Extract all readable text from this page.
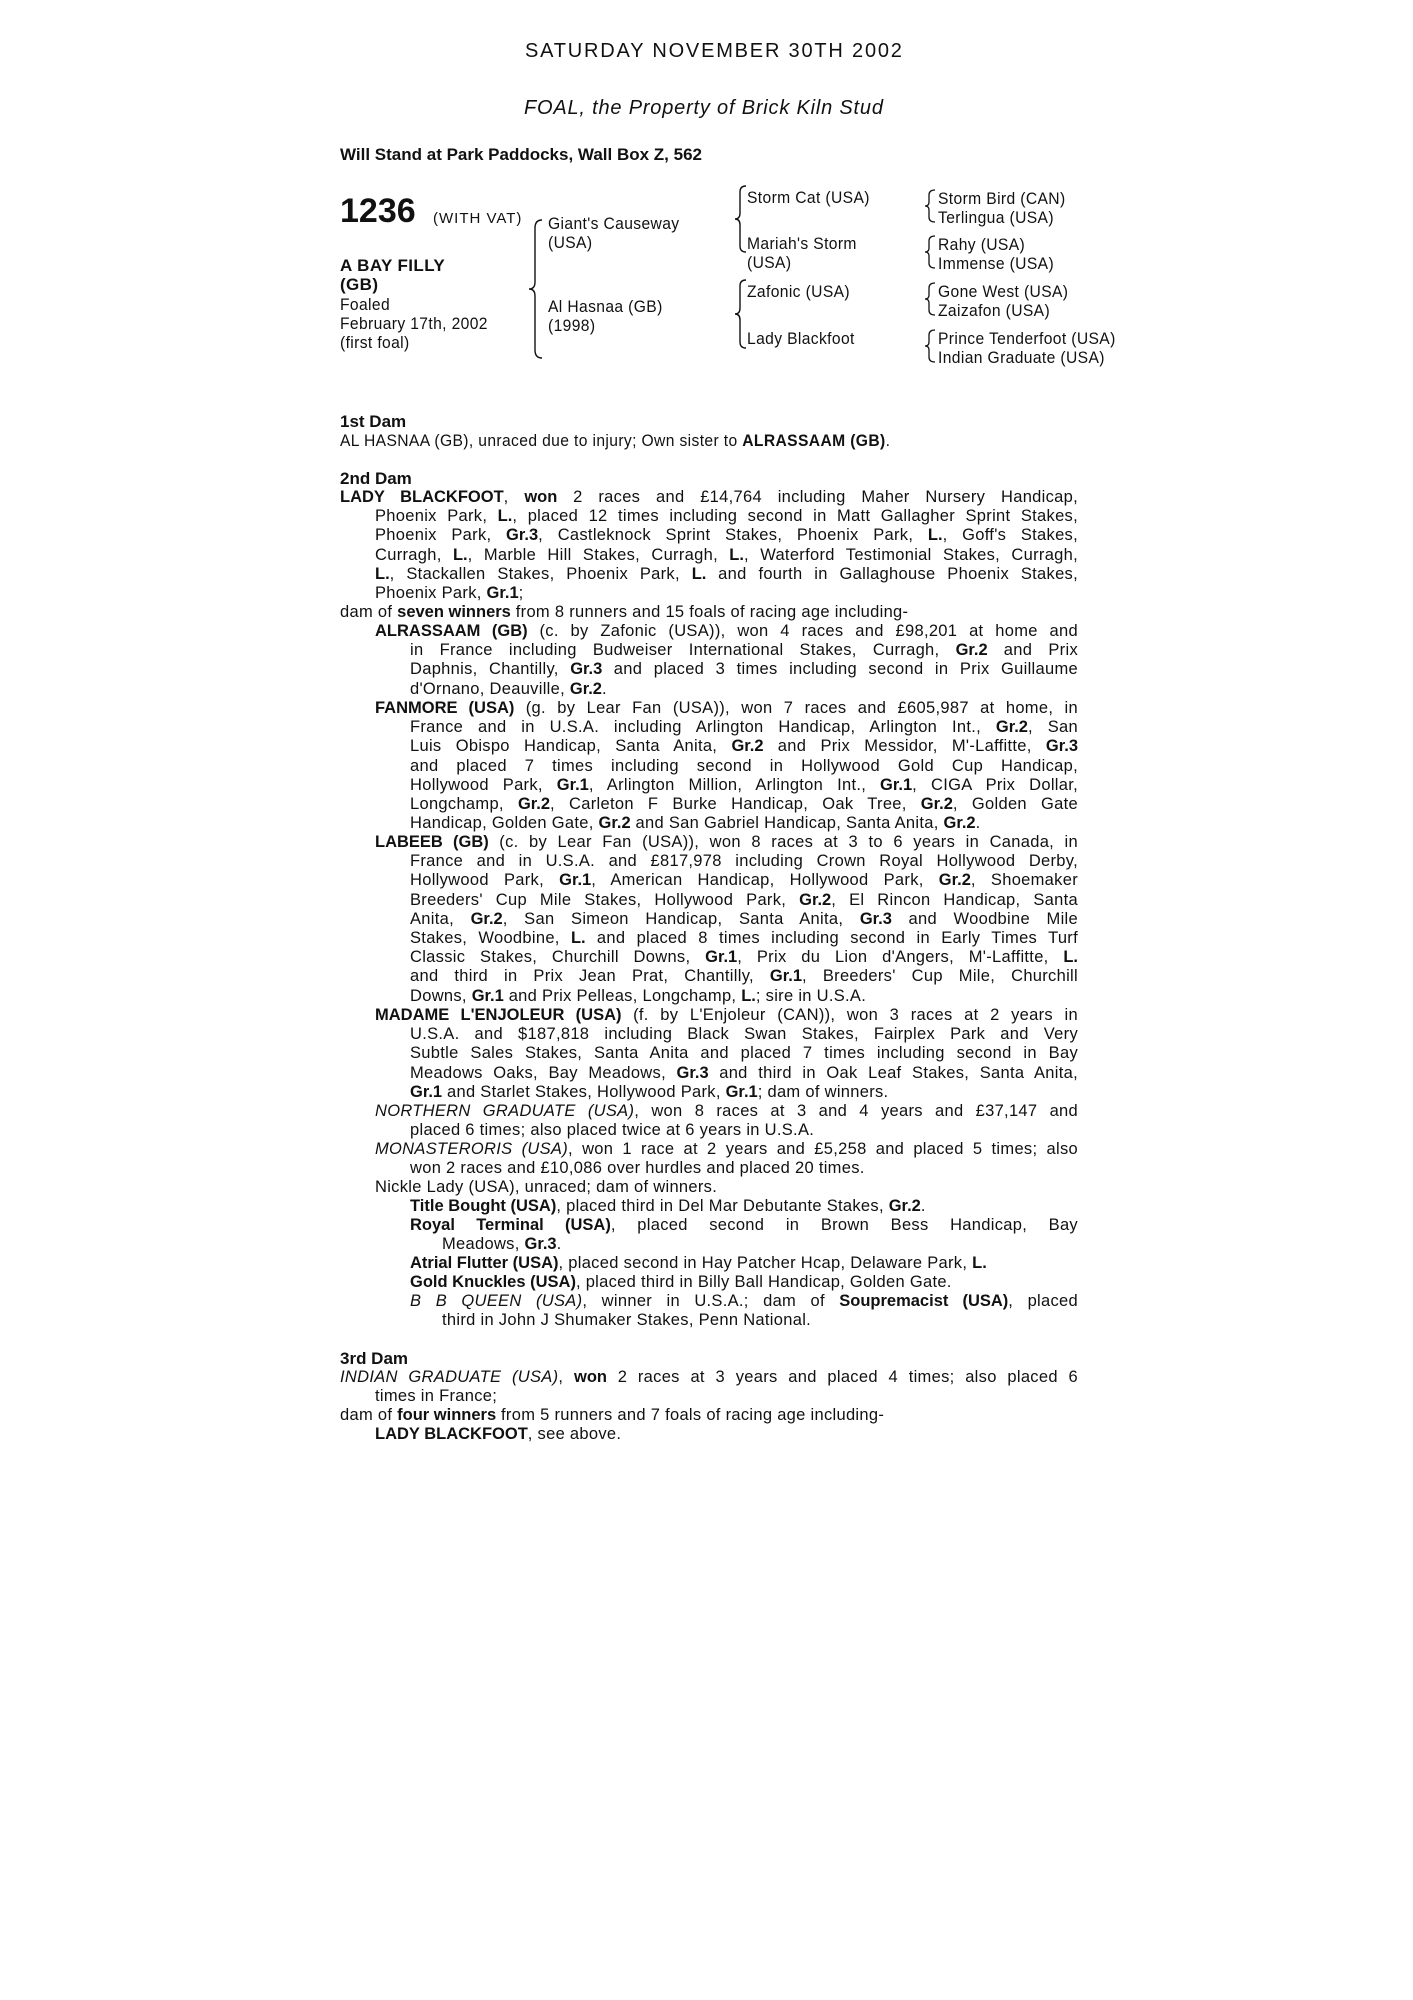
SATURDAY NOVEMBER 30TH 2002
FOAL, the Property of Brick Kiln Stud
Will Stand at Park Paddocks, Wall Box Z, 562
1236 (WITH VAT)
A BAY FILLY
(GB)
Foaled
February 17th, 2002
(first foal)
Giant's Causeway
(USA)
Al Hasnaa (GB)
(1998)
Storm Cat (USA)
Mariah's Storm
(USA)
Zafonic (USA)
Lady Blackfoot
Storm Bird (CAN)
Terlingua (USA)
Rahy (USA)
Immense (USA)
Gone West (USA)
Zaizafon (USA)
Prince Tenderfoot (USA)
Indian Graduate (USA)
1st Dam
AL HASNAA (GB), unraced due to injury; Own sister to ALRASSAAM (GB).
2nd Dam
LADY BLACKFOOT, won 2 races and £14,764 including Maher Nursery Handicap,
Phoenix Park, L., placed 12 times including second in Matt Gallagher Sprint Stakes,
Phoenix Park, Gr.3, Castleknock Sprint Stakes, Phoenix Park, L., Goff's Stakes,
Curragh, L., Marble Hill Stakes, Curragh, L., Waterford Testimonial Stakes, Curragh,
L., Stackallen Stakes, Phoenix Park, L. and fourth in Gallaghouse Phoenix Stakes,
Phoenix Park, Gr.1;
dam of seven winners from 8 runners and 15 foals of racing age including-
ALRASSAAM (GB) (c. by Zafonic (USA)), won 4 races and £98,201 at home and
in France including Budweiser International Stakes, Curragh, Gr.2 and Prix
Daphnis, Chantilly, Gr.3 and placed 3 times including second in Prix Guillaume
d'Ornano, Deauville, Gr.2.
FANMORE (USA) (g. by Lear Fan (USA)), won 7 races and £605,987 at home, in
France and in U.S.A. including Arlington Handicap, Arlington Int., Gr.2, San
Luis Obispo Handicap, Santa Anita, Gr.2 and Prix Messidor, M'-Laffitte, Gr.3
and placed 7 times including second in Hollywood Gold Cup Handicap,
Hollywood Park, Gr.1, Arlington Million, Arlington Int., Gr.1, CIGA Prix Dollar,
Longchamp, Gr.2, Carleton F Burke Handicap, Oak Tree, Gr.2, Golden Gate
Handicap, Golden Gate, Gr.2 and San Gabriel Handicap, Santa Anita, Gr.2.
LABEEB (GB) (c. by Lear Fan (USA)), won 8 races at 3 to 6 years in Canada, in
France and in U.S.A. and £817,978 including Crown Royal Hollywood Derby,
Hollywood Park, Gr.1, American Handicap, Hollywood Park, Gr.2, Shoemaker
Breeders' Cup Mile Stakes, Hollywood Park, Gr.2, El Rincon Handicap, Santa
Anita, Gr.2, San Simeon Handicap, Santa Anita, Gr.3 and Woodbine Mile
Stakes, Woodbine, L. and placed 8 times including second in Early Times Turf
Classic Stakes, Churchill Downs, Gr.1, Prix du Lion d'Angers, M'-Laffitte, L.
and third in Prix Jean Prat, Chantilly, Gr.1, Breeders' Cup Mile, Churchill
Downs, Gr.1 and Prix Pelleas, Longchamp, L.; sire in U.S.A.
MADAME L'ENJOLEUR (USA) (f. by L'Enjoleur (CAN)), won 3 races at 2 years in
U.S.A. and $187,818 including Black Swan Stakes, Fairplex Park and Very
Subtle Sales Stakes, Santa Anita and placed 7 times including second in Bay
Meadows Oaks, Bay Meadows, Gr.3 and third in Oak Leaf Stakes, Santa Anita,
Gr.1 and Starlet Stakes, Hollywood Park, Gr.1; dam of winners.
NORTHERN GRADUATE (USA), won 8 races at 3 and 4 years and £37,147 and
placed 6 times; also placed twice at 6 years in U.S.A.
MONASTERORIS (USA), won 1 race at 2 years and £5,258 and placed 5 times; also
won 2 races and £10,086 over hurdles and placed 20 times.
Nickle Lady (USA), unraced; dam of winners.
Title Bought (USA), placed third in Del Mar Debutante Stakes, Gr.2.
Royal Terminal (USA), placed second in Brown Bess Handicap, Bay
Meadows, Gr.3.
Atrial Flutter (USA), placed second in Hay Patcher Hcap, Delaware Park, L.
Gold Knuckles (USA), placed third in Billy Ball Handicap, Golden Gate.
B B QUEEN (USA), winner in U.S.A.; dam of Soupremacist (USA), placed
third in John J Shumaker Stakes, Penn National.
3rd Dam
INDIAN GRADUATE (USA), won 2 races at 3 years and placed 4 times; also placed 6
times in France;
dam of four winners from 5 runners and 7 foals of racing age including-
LADY BLACKFOOT, see above.
